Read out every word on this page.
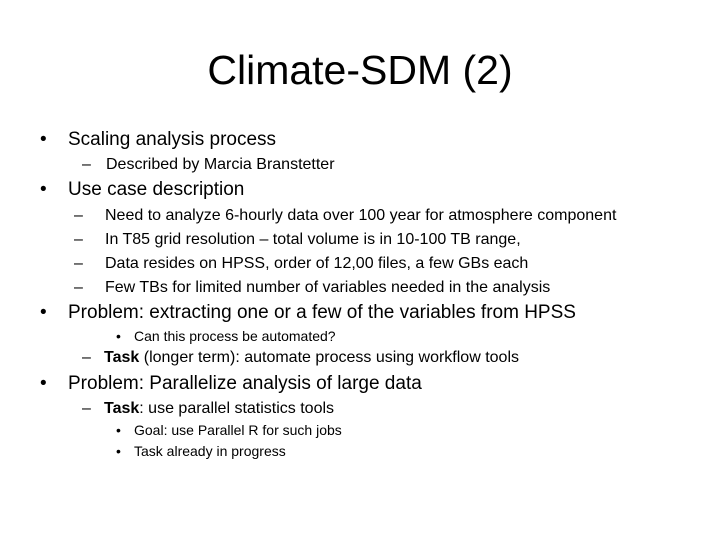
Climate-SDM (2)
• Scaling analysis process
– Described by Marcia Branstetter
• Use case description
– Need to analyze 6-hourly data over 100 year for atmosphere component
– In T85 grid resolution – total volume is in 10-100 TB range,
– Data resides on HPSS, order of 12,00 files, a few GBs each
– Few TBs for limited number of variables needed in the analysis
• Problem: extracting one or a few of the variables from HPSS
• Can this process be automated?
– Task (longer term): automate process using workflow tools
• Problem: Parallelize analysis of large data
– Task: use parallel statistics tools
• Goal: use Parallel R for such jobs
• Task already in progress
